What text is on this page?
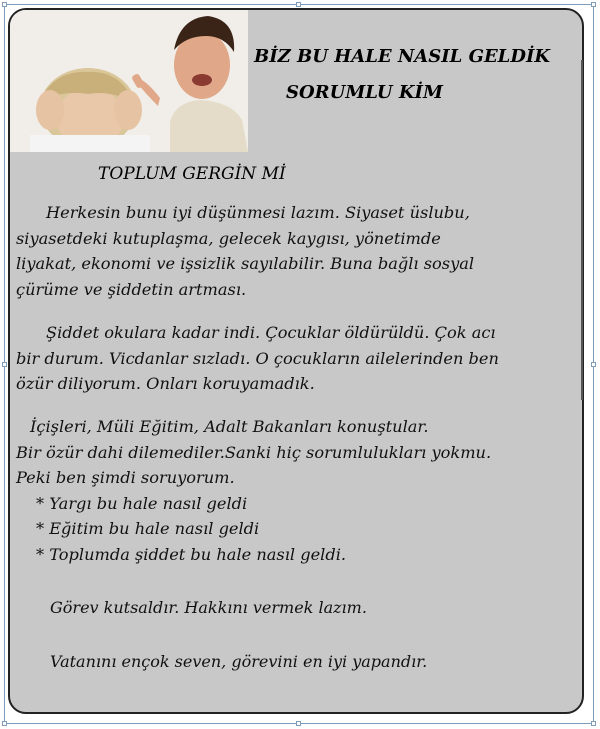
BİZ BU HALE NASIL GELDİK
SORUMLU KİM
TOPLUM GERGİN Mİ
Herkesin bunu iyi düşünmesi lazım. Siyaset üslubu,
siyasetdeki kutuplaşma, gelecek kaygısı, yönetimde
liyakat, ekonomi ve işsizlik sayılabilir. Buna bağlı sosyal
çürüme ve şiddetin artması.
Şiddet okulara kadar indi. Çocuklar öldürüldü. Çok acı
bir durum. Vicdanlar sızladı. O çocukların ailelerinden ben
özür diliyorum. Onları koruyamadık.
İçişleri, Müli Eğitim, Adalt Bakanları konuştular.
Bir özür dahi dilemediler.Sanki hiç sorumlulukları yokmu.
Peki ben şimdi soruyorum.
* Yargı bu hale nasıl geldi
* Eğitim bu hale nasıl geldi
* Toplumda şiddet bu hale nasıl geldi.
Görev kutsaldır. Hakkını vermek lazım.
Vatanını ençok seven, görevini en iyi yapandır.
